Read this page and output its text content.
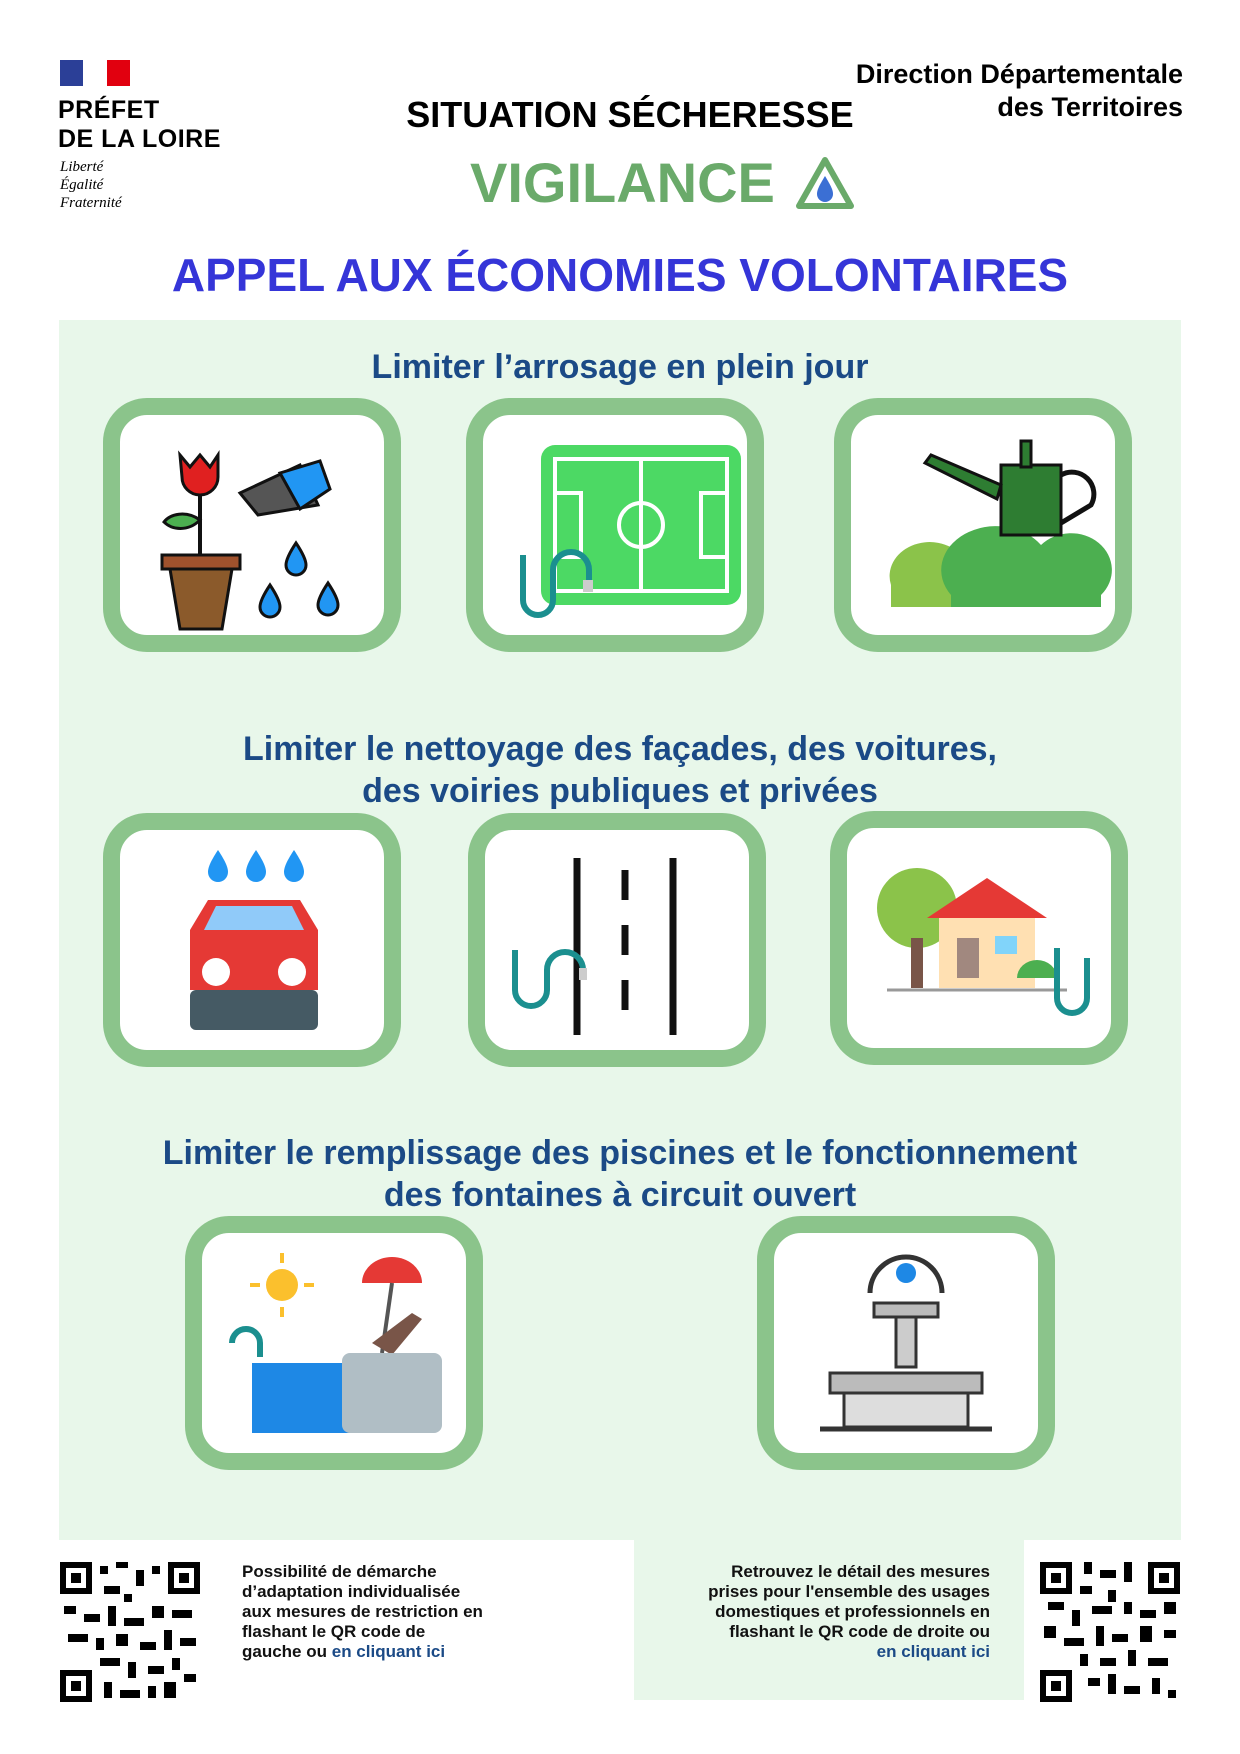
PRÉFET
DE LA LOIRE
Liberté
Égalité
Fraternité
Direction Départementale
des Territoires
SITUATION SÉCHERESSE
VIGILANCE
APPEL AUX ÉCONOMIES VOLONTAIRES
Limiter l’arrosage en plein jour
Limiter le nettoyage des façades, des voitures,
des voiries publiques et privées
Limiter le remplissage des piscines et le fonctionnement
des fontaines à circuit ouvert
Possibilité de démarche
d’adaptation individualisée
aux mesures de restriction en
flashant le QR code de
gauche ou en cliquant ici
Retrouvez le détail des mesures
prises pour l'ensemble des usages
domestiques et professionnels en
flashant le QR code de droite ou
en cliquant ici
